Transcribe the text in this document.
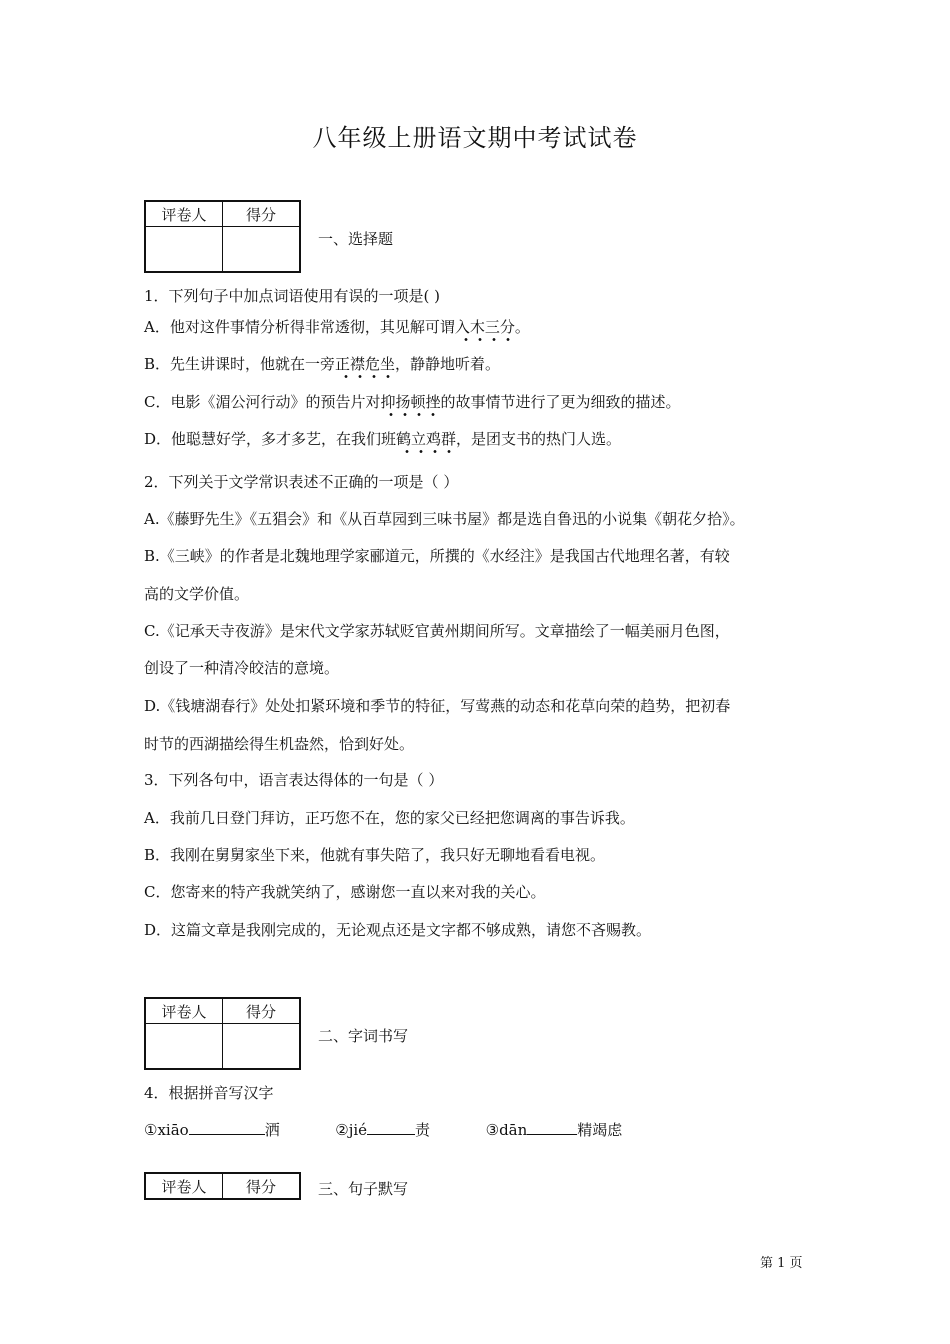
八年级上册语文期中考试试卷
评卷人	得分

一、选择题
1．下列句子中加点词语使用有误的一项是( )
A．他对这件事情分析得非常透彻，其见解可谓入木三分。
B．先生讲课时，他就在一旁正襟危坐，静静地听着。
C．电影《湄公河行动》的预告片对抑扬顿挫的故事情节进行了更为细致的描述。
D．他聪慧好学，多才多艺，在我们班鹤立鸡群，是团支书的热门人选。
2．下列关于文学常识表述不正确的一项是（ ）
A.《藤野先生》《五猖会》和《从百草园到三味书屋》都是选自鲁迅的小说集《朝花夕拾》。
B.《三峡》的作者是北魏地理学家郦道元，所撰的《水经注》是我国古代地理名著，有较
高的文学价值。
C.《记承天寺夜游》是宋代文学家苏轼贬官黄州期间所写。文章描绘了一幅美丽月色图，
创设了一种清冷皎洁的意境。
D.《钱塘湖春行》处处扣紧环境和季节的特征，写莺燕的动态和花草向荣的趋势，把初春
时节的西湖描绘得生机盎然，恰到好处。
3．下列各句中，语言表达得体的一句是（ ）
A．我前几日登门拜访，正巧您不在，您的家父已经把您调离的事告诉我。
B．我刚在舅舅家坐下来，他就有事失陪了，我只好无聊地看看电视。
C．您寄来的特产我就笑纳了，感谢您一直以来对我的关心。
D．这篇文章是我刚完成的，无论观点还是文字都不够成熟，请您不吝赐教。
评卷人	得分

二、字词书写
4．根据拼音写汉字
①xiāo	洒	②jié	责	③dān	精竭虑
评卷人	得分	三、句子默写
第 1 页
